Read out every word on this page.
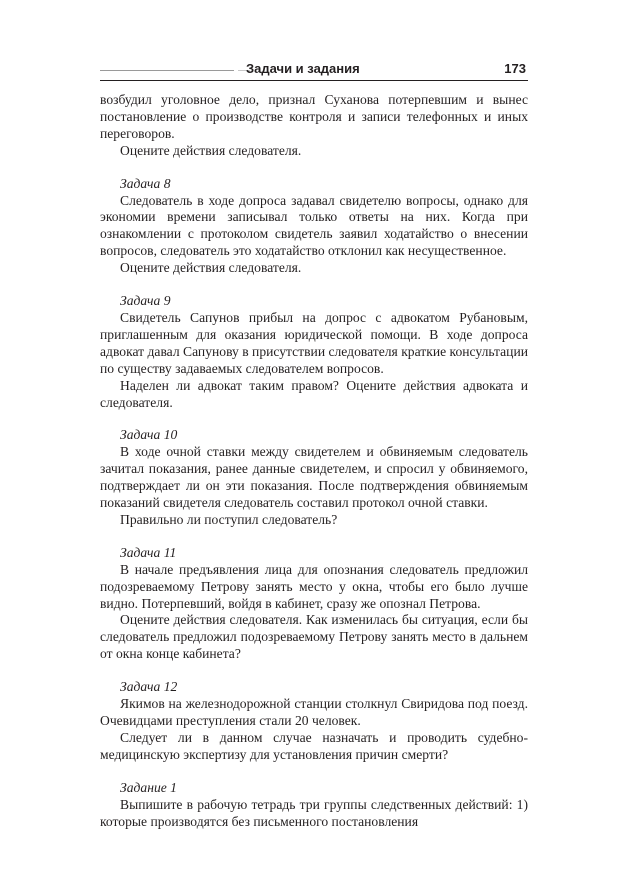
Задачи и задания	173

возбудил уголовное дело, признал Суханова потерпевшим и вынес постановление о производстве контроля и записи телефонных и иных переговоров.

Оцените действия следователя.

Задача 8

Следователь в ходе допроса задавал свидетелю вопросы, однако для экономии времени записывал только ответы на них. Когда при ознакомлении с протоколом свидетель заявил ходатайство о внесении вопросов, следователь это ходатайство отклонил как несущественное.

Оцените действия следователя.

Задача 9

Свидетель Сапунов прибыл на допрос с адвокатом Рубановым, приглашенным для оказания юридической помощи. В ходе допроса адвокат давал Сапунову в присутствии следователя краткие консультации по существу задаваемых следователем вопросов.

Наделен ли адвокат таким правом? Оцените действия адвоката и следователя.

Задача 10

В ходе очной ставки между свидетелем и обвиняемым следователь зачитал показания, ранее данные свидетелем, и спросил у обвиняемого, подтверждает ли он эти показания. После подтверждения обвиняемым показаний свидетеля следователь составил протокол очной ставки.

Правильно ли поступил следователь?

Задача 11

В начале предъявления лица для опознания следователь предложил подозреваемому Петрову занять место у окна, чтобы его было лучше видно. Потерпевший, войдя в кабинет, сразу же опознал Петрова.

Оцените действия следователя. Как изменилась бы ситуация, если бы следователь предложил подозреваемому Петрову занять место в дальнем от окна конце кабинета?

Задача 12

Якимов на железнодорожной станции столкнул Свиридова под поезд. Очевидцами преступления стали 20 человек.

Следует ли в данном случае назначать и проводить судебно-медицинскую экспертизу для установления причин смерти?

Задание 1

Выпишите в рабочую тетрадь три группы следственных действий: 1) которые производятся без письменного постановления
